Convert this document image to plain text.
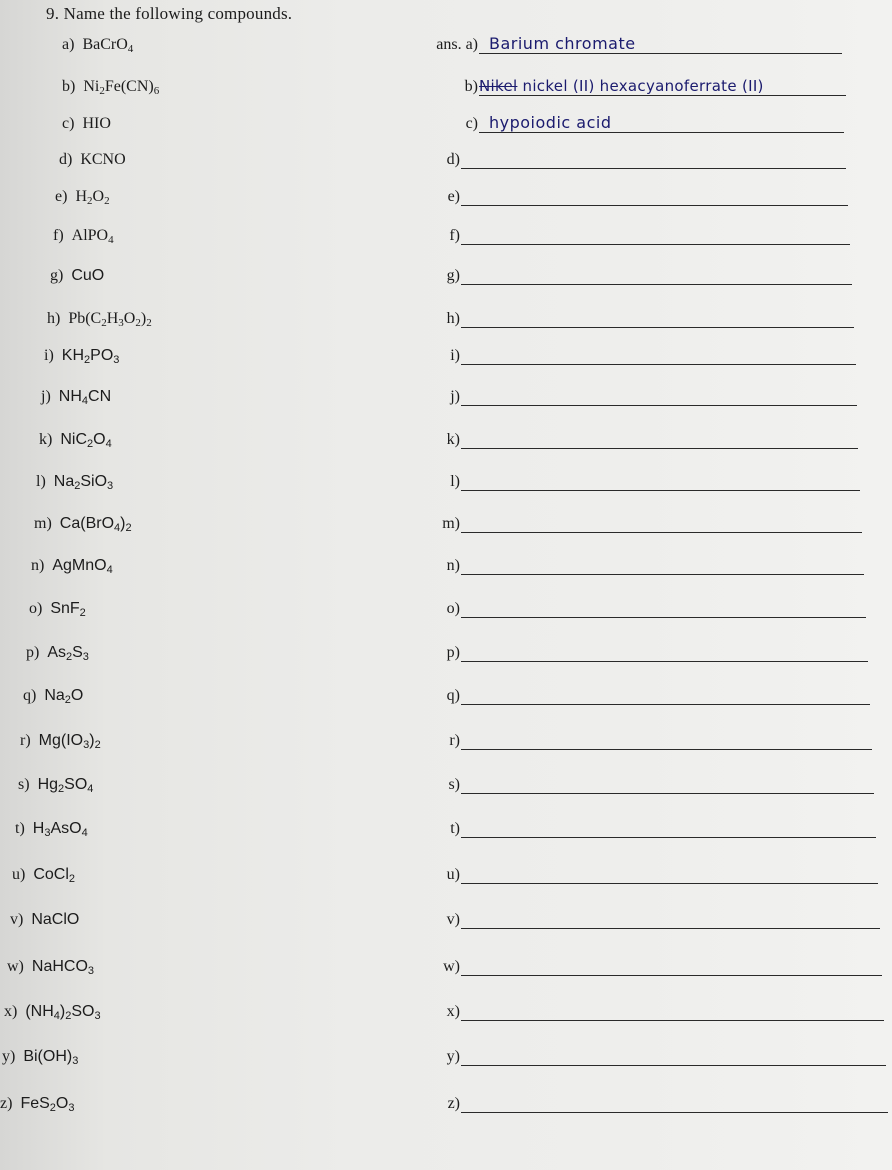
9. Name the following compounds.
a) BaCrO$_4$	ans. a) Barium chromate
b) $Ni_2Fe(CN)_6$	b) Nikel nickel (II) hexacyanoferrate (II)
c) HIO	c) hypoiodic acid
d) KCNO	d)
e) $H_2O_2$	e)
f) AlPO$_4$	f)
g) CuO	g)
h) $Pb(C_2H_3O_2)_2$	h)
i) $KH_2PO_3$	i)
j) $NH_4CN$	j)
k) $NiC_2O_4$	k)
l) $Na_2SiO_3$	l)
m) $Ca(BrO_4)_2$	m)
n) AgMnO$_4$	n)
o) SnF$_2$	o)
p) $As_2S_3$	p)
q) $Na_2O$	q)
r) $Mg(IO_3)_2$	r)
s) $Hg_2SO_4$	s)
t) $H_3AsO_4$	t)
u) CoCl$_2$	u)
v) NaClO	v)
w) NaHCO$_3$	w)
x) $(NH_4)_2SO_3$	x)
y) $Bi(OH)_3$	y)
z) $FeS_2O_3$	z)
